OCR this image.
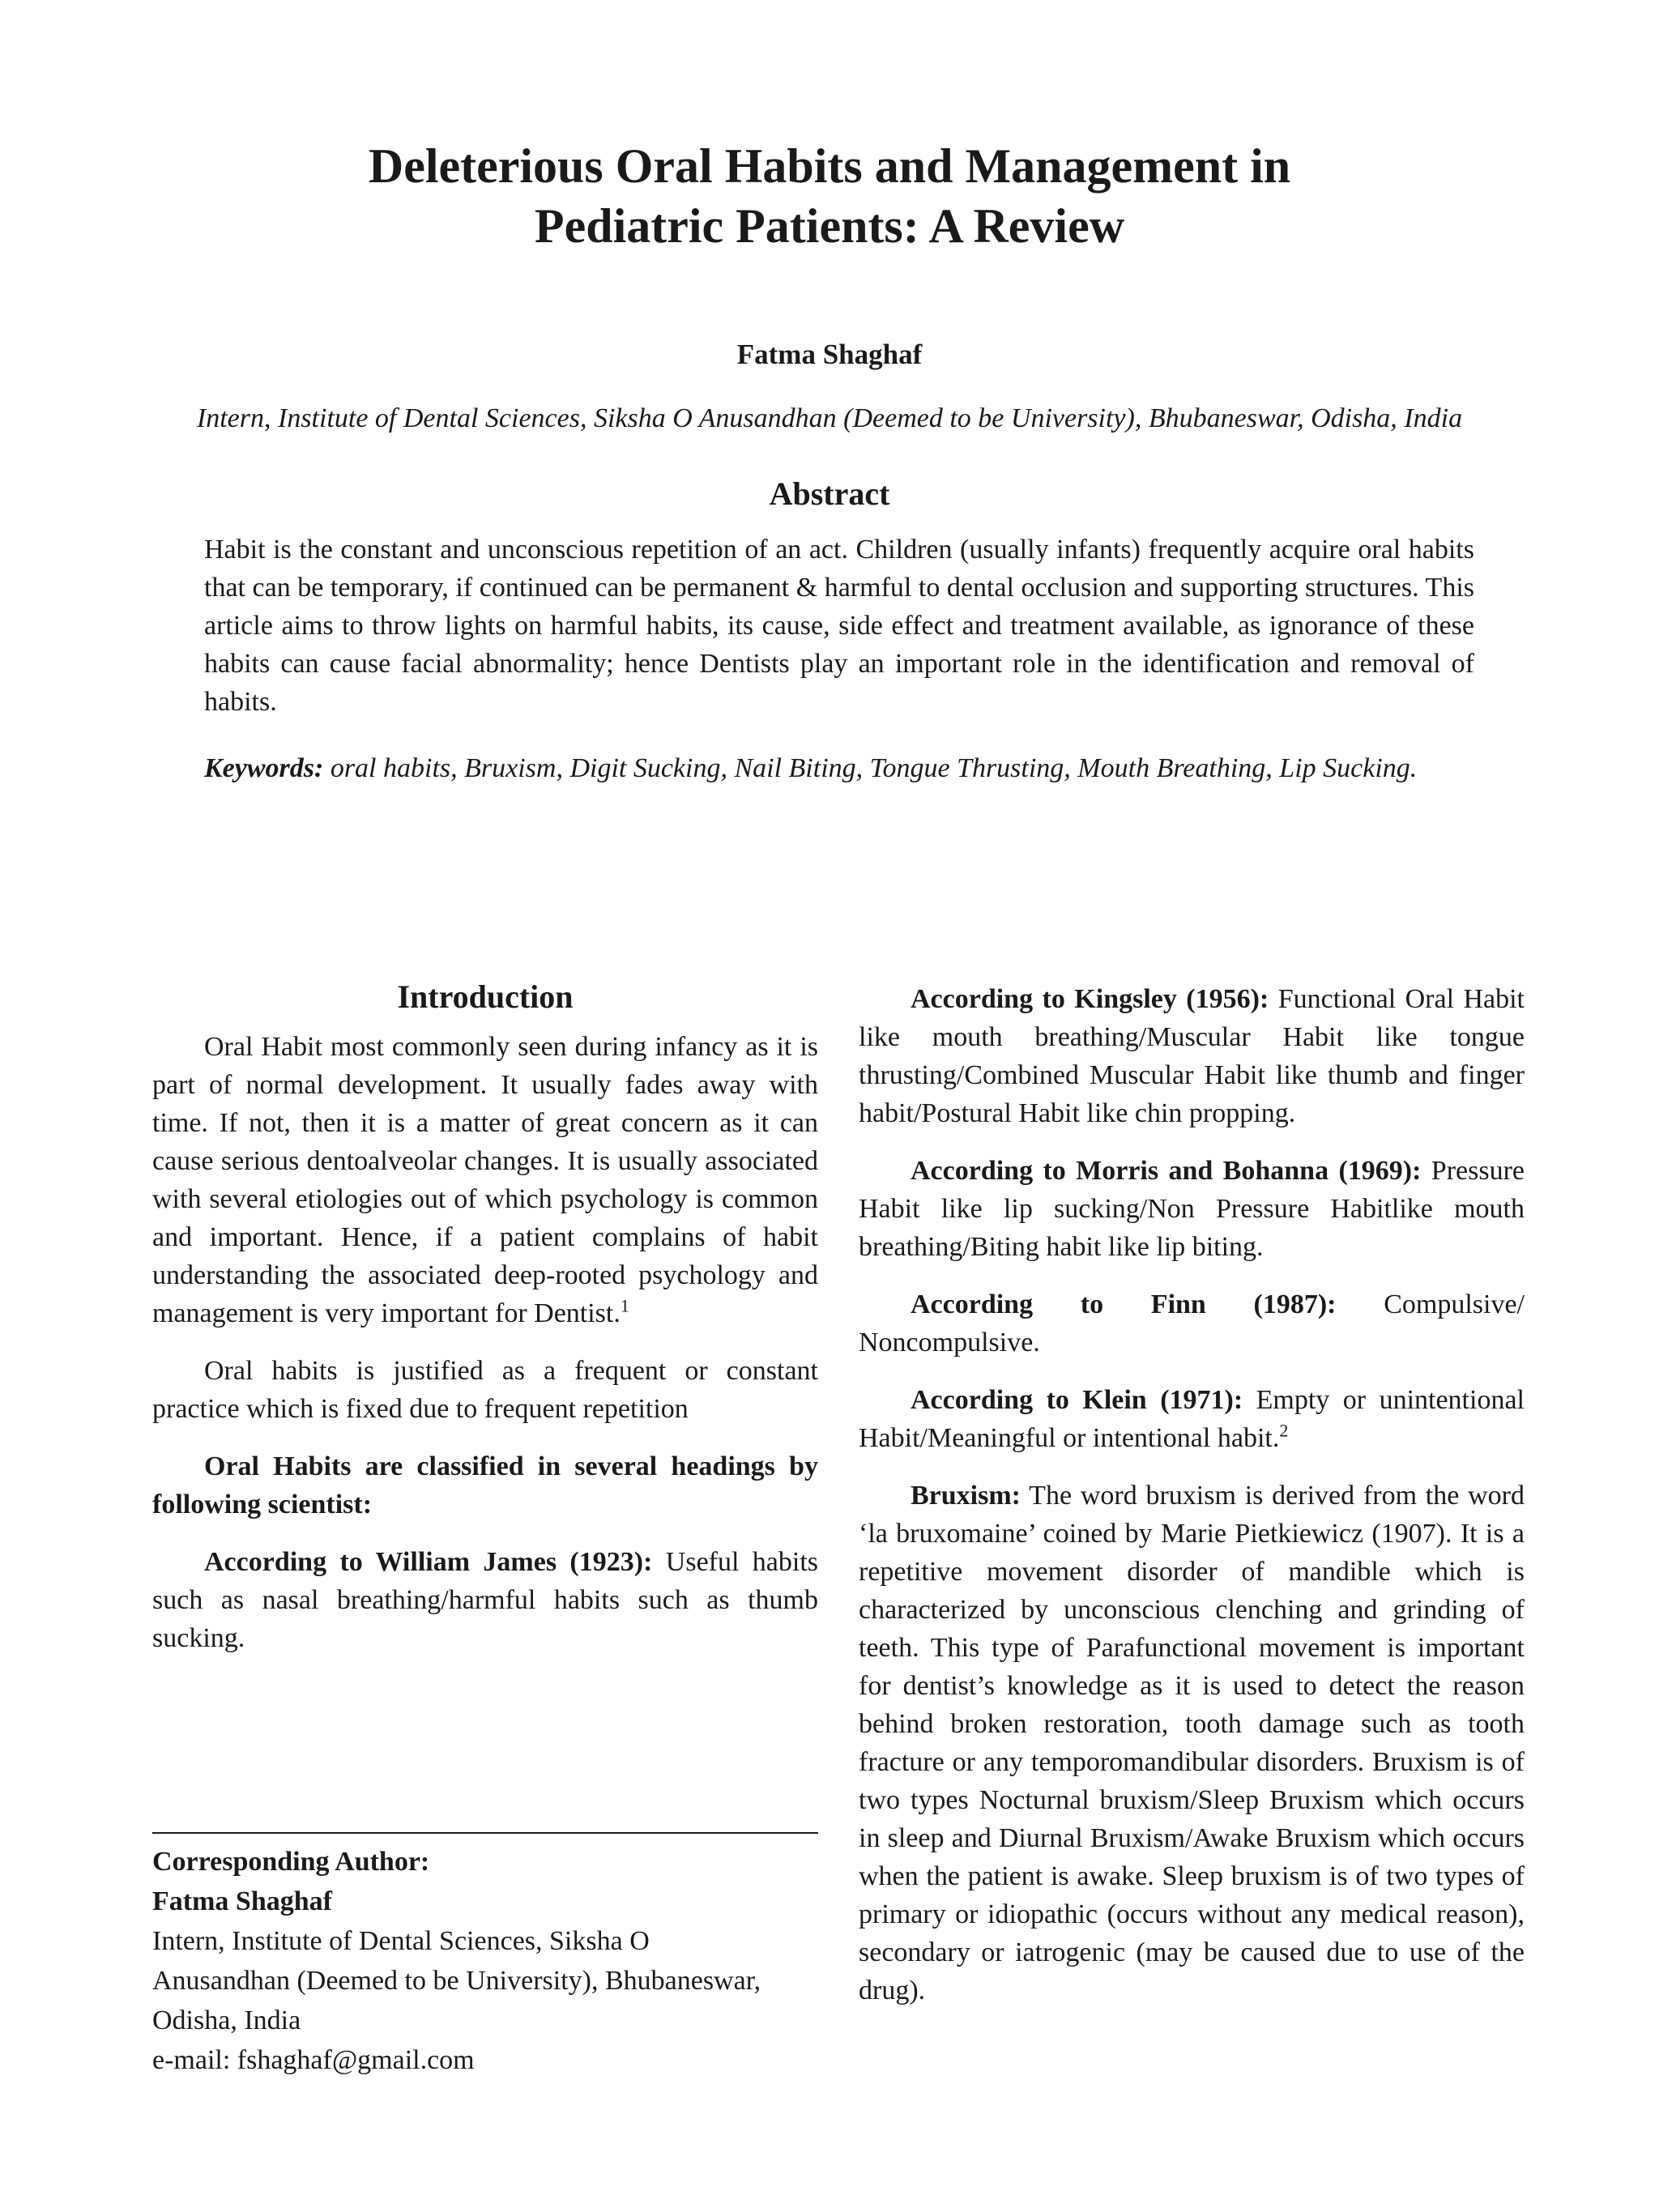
Deleterious Oral Habits and Management in
Pediatric Patients: A Review

Fatma Shaghaf

Intern, Institute of Dental Sciences, Siksha O Anusandhan (Deemed to be University), Bhubaneswar, Odisha, India

Abstract

Habit is the constant and unconscious repetition of an act. Children (usually infants) frequently acquire oral habits that can be temporary, if continued can be permanent & harmful to dental occlusion and supporting structures. This article aims to throw lights on harmful habits, its cause, side effect and treatment available, as ignorance of these habits can cause facial abnormality; hence Dentists play an important role in the identification and removal of habits.

Keywords: oral habits, Bruxism, Digit Sucking, Nail Biting, Tongue Thrusting, Mouth Breathing, Lip Sucking.

Introduction

Oral Habit most commonly seen during infancy as it is part of normal development. It usually fades away with time. If not, then it is a matter of great concern as it can cause serious dentoalveolar changes. It is usually associated with several etiologies out of which psychology is common and important. Hence, if a patient complains of habit understanding the associated deep-rooted psychology and management is very important for Dentist.$^1$

Oral habits is justified as a frequent or constant practice which is fixed due to frequent repetition

Oral Habits are classified in several headings by following scientist:

According to William James (1923): Useful habits such as nasal breathing/harmful habits such as thumb sucking.

Corresponding Author:
Fatma Shaghaf
Intern, Institute of Dental Sciences, Siksha O
Anusandhan (Deemed to be University), Bhubaneswar,
Odisha, India
e-mail: fshaghaf@gmail.com

According to Kingsley (1956): Functional Oral Habit like mouth breathing/Muscular Habit like tongue thrusting/Combined Muscular Habit like thumb and finger habit/Postural Habit like chin propping.

According to Morris and Bohanna (1969): Pressure Habit like lip sucking/Non Pressure Habitlike mouth breathing/Biting habit like lip biting.

According to Finn (1987): Compulsive/ Noncompulsive.

According to Klein (1971): Empty or unintentional Habit/Meaningful or intentional habit.$^2$

Bruxism: The word bruxism is derived from the word ‘la bruxomaine’ coined by Marie Pietkiewicz (1907). It is a repetitive movement disorder of mandible which is characterized by unconscious clenching and grinding of teeth. This type of Parafunctional movement is important for dentist’s knowledge as it is used to detect the reason behind broken restoration, tooth damage such as tooth fracture or any temporomandibular disorders. Bruxism is of two types Nocturnal bruxism/Sleep Bruxism which occurs in sleep and Diurnal Bruxism/Awake Bruxism which occurs when the patient is awake. Sleep bruxism is of two types of primary or idiopathic (occurs without any medical reason), secondary or iatrogenic (may be caused due to use of the drug).
